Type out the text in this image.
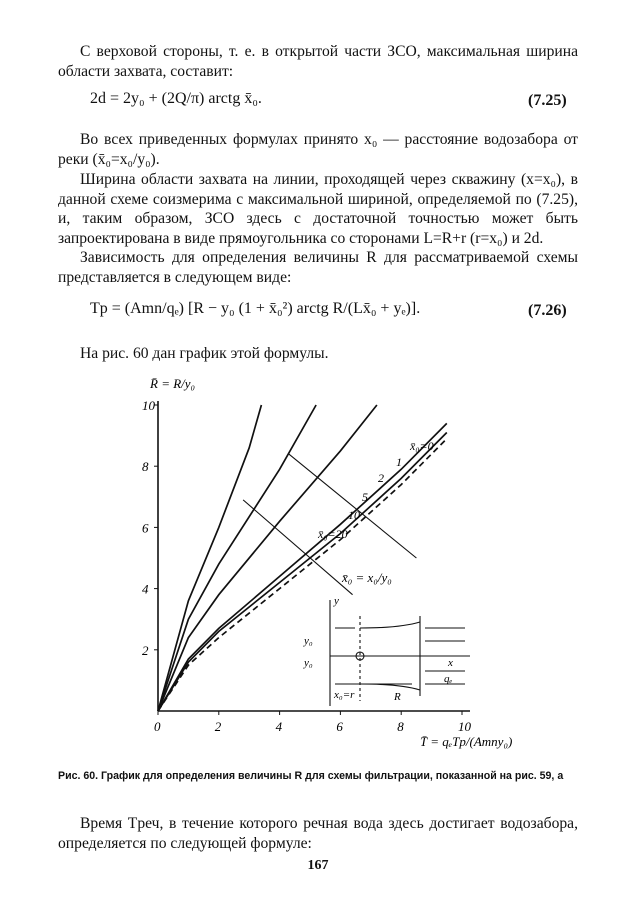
С верховой стороны, т. е. в открытой части ЗСО, максимальная ширина области захвата, составит:

2d = 2y₀ + (2Q/π) arctg x̄₀.	(7.25)

Во всех приведенных формулах принято x₀ — расстояние водозабора от реки (x̄₀=x₀/y₀).

Ширина области захвата на линии, проходящей через скважину (x=x₀), в данной схеме соизмерима с максимальной шириной, определяемой по (7.25), и, таким образом, ЗСО здесь с достаточной точностью может быть запроектирована в виде прямоугольника со сторонами L=R+r (r=x₀) и 2d.

Зависимость для определения величины R для рассматриваемой схемы представляется в следующем виде:

Tр = (Amn/qₑ) [R − y₀ (1 + x̄₀²) arctg R/(Lx̄₀ + yₑ)].	(7.26)

На рис. 60 дан график этой формулы.

2
4
6
8
10
0	2	4	6	8	10
R̄ = R/y₀
T̄ = qₑTр/(Amny₀)
x̄₀=0
1
2
5
10
x̄₀=20
x̄₀ = x₀/y₀
y
x
qₑ
y₀
y₀
x₀=r	R
Рис. 60. График для определения величины R для схемы фильтрации, показанной на рис. 59, а

Время Tреч, в течение которого речная вода здесь достигает водозабора, определяется по следующей формуле:

167
